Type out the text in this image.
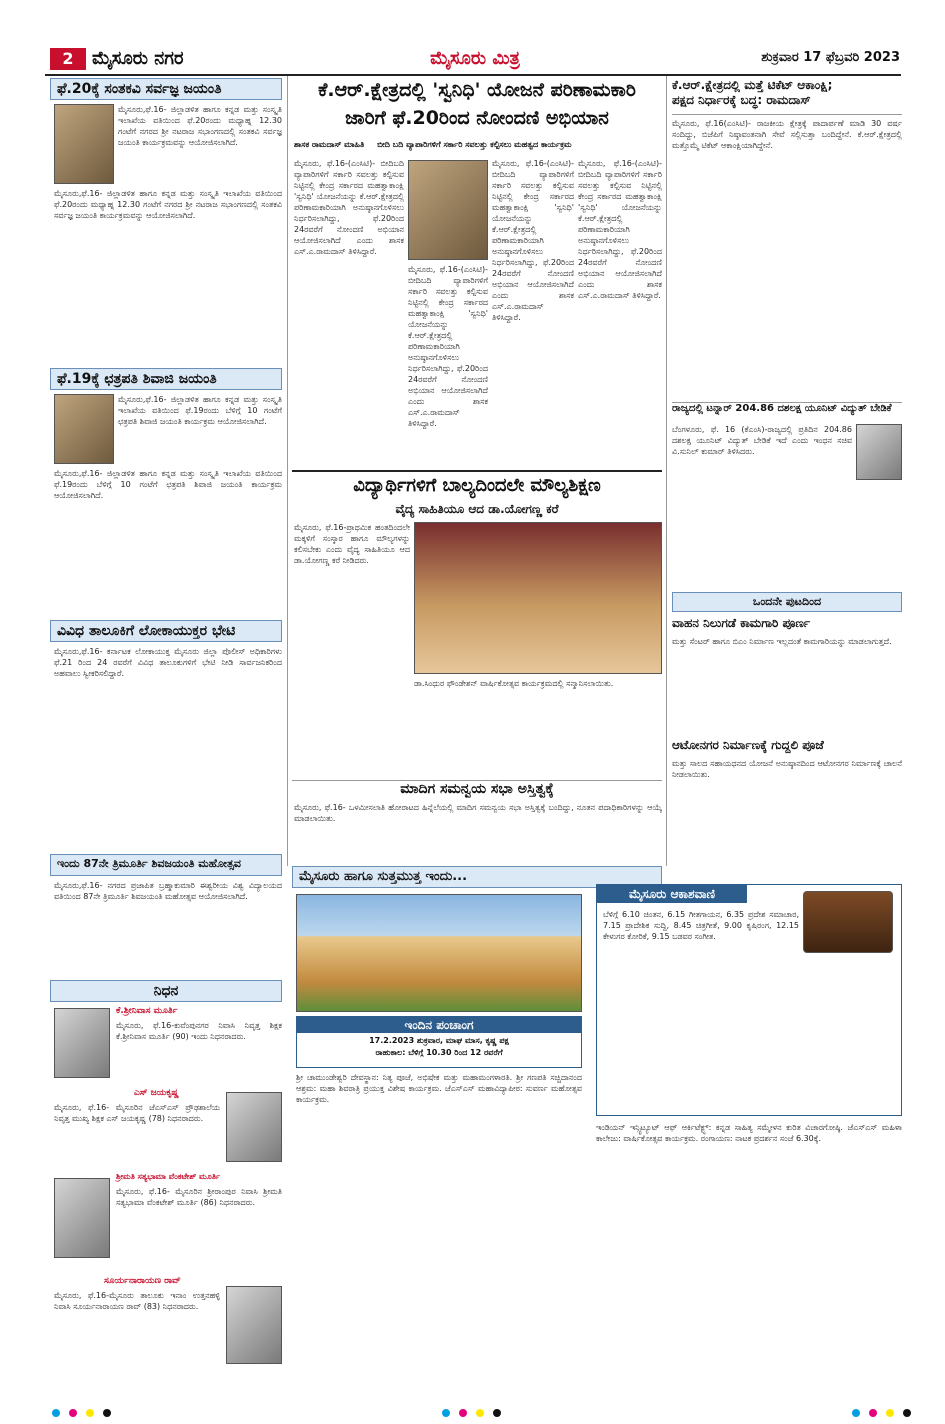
2	ಮೈಸೂರು ನಗರ	ಮೈಸೂರು ಮಿತ್ರ	ಶುಕ್ರವಾರ 17 ಫೆಬ್ರವರಿ 2023
ಫೆ.20ಕ್ಕೆ ಸಂತಕವಿ ಸರ್ವಜ್ಞ ಜಯಂತಿ
ಮೈಸೂರು,ಫೆ.16- ಜಿಲ್ಲಾಡಳಿತ ಹಾಗೂ ಕನ್ನಡ ಮತ್ತು ಸಂಸ್ಕೃತಿ ಇಲಾಖೆಯ ವತಿಯಿಂದ ಫೆ.20ರಂದು ಮಧ್ಯಾಹ್ನ 12.30 ಗಂಟೆಗೆ ನಗರದ ಶ್ರೀ ನಟರಾಜ ಸಭಾಂಗಣದಲ್ಲಿ ಸಂತಕವಿ ಸರ್ವಜ್ಞ ಜಯಂತಿ ಕಾರ್ಯಕ್ರಮವನ್ನು ಆಯೋಜಿಸಲಾಗಿದೆ.
ಮೈಸೂರು,ಫೆ.16- ಜಿಲ್ಲಾಡಳಿತ ಹಾಗೂ ಕನ್ನಡ ಮತ್ತು ಸಂಸ್ಕೃತಿ ಇಲಾಖೆಯ ವತಿಯಿಂದ ಫೆ.20ರಂದು ಮಧ್ಯಾಹ್ನ 12.30 ಗಂಟೆಗೆ ನಗರದ ಶ್ರೀ ನಟರಾಜ ಸಭಾಂಗಣದಲ್ಲಿ ಸಂತಕವಿ ಸರ್ವಜ್ಞ ಜಯಂತಿ ಕಾರ್ಯಕ್ರಮವನ್ನು ಆಯೋಜಿಸಲಾಗಿದೆ.
ಫೆ.19ಕ್ಕೆ ಛತ್ರಪತಿ ಶಿವಾಜಿ ಜಯಂತಿ
ಮೈಸೂರು,ಫೆ.16- ಜಿಲ್ಲಾಡಳಿತ ಹಾಗೂ ಕನ್ನಡ ಮತ್ತು ಸಂಸ್ಕೃತಿ ಇಲಾಖೆಯ ವತಿಯಿಂದ ಫೆ.19ರಂದು ಬೆಳಿಗ್ಗೆ 10 ಗಂಟೆಗೆ ಛತ್ರಪತಿ ಶಿವಾಜಿ ಜಯಂತಿ ಕಾರ್ಯಕ್ರಮ ಆಯೋಜಿಸಲಾಗಿದೆ.
ಮೈಸೂರು,ಫೆ.16- ಜಿಲ್ಲಾಡಳಿತ ಹಾಗೂ ಕನ್ನಡ ಮತ್ತು ಸಂಸ್ಕೃತಿ ಇಲಾಖೆಯ ವತಿಯಿಂದ ಫೆ.19ರಂದು ಬೆಳಿಗ್ಗೆ 10 ಗಂಟೆಗೆ ಛತ್ರಪತಿ ಶಿವಾಜಿ ಜಯಂತಿ ಕಾರ್ಯಕ್ರಮ ಆಯೋಜಿಸಲಾಗಿದೆ.
ವಿವಿಧ ತಾಲೂಕಿಗೆ ಲೋಕಾಯುಕ್ತರ ಭೇಟಿ
ಮೈಸೂರು,ಫೆ.16- ಕರ್ನಾಟಕ ಲೋಕಾಯುಕ್ತ ಮೈಸೂರು ಜಿಲ್ಲಾ ಪೊಲೀಸ್ ಅಧಿಕಾರಿಗಳು ಫೆ.21 ರಿಂದ 24 ರವರೆಗೆ ವಿವಿಧ ತಾಲೂಕುಗಳಿಗೆ ಭೇಟಿ ನೀಡಿ ಸಾರ್ವಜನಿಕರಿಂದ ಅಹವಾಲು ಸ್ವೀಕರಿಸಲಿದ್ದಾರೆ.
ಇಂದು 87ನೇ ತ್ರಿಮೂರ್ತಿ ಶಿವಜಯಂತಿ ಮಹೋತ್ಸವ
ಮೈಸೂರು,ಫೆ.16- ನಗರದ ಪ್ರಜಾಪಿತ ಬ್ರಹ್ಮಾಕುಮಾರಿ ಈಶ್ವರೀಯ ವಿಶ್ವ ವಿದ್ಯಾಲಯದ ವತಿಯಿಂದ 87ನೇ ತ್ರಿಮೂರ್ತಿ ಶಿವಜಯಂತಿ ಮಹೋತ್ಸವ ಆಯೋಜಿಸಲಾಗಿದೆ.
ನಿಧನ
ಕೆ.ಶ್ರೀನಿವಾಸ ಮೂರ್ತಿ
ಮೈಸೂರು, ಫೆ.16-ಕುವೆಂಪುನಗರ ನಿವಾಸಿ ನಿವೃತ್ತ ಶಿಕ್ಷಕ ಕೆ.ಶ್ರೀನಿವಾಸ ಮೂರ್ತಿ (90) ಇಂದು ನಿಧನರಾದರು.
ಮೈಸೂರು, ಫೆ.16- ಮೈಸೂರಿನ ಜೆಎಸ್‌ಎಸ್ ಪ್ರೌಢಶಾಲೆಯ ನಿವೃತ್ತ ಮುಖ್ಯ ಶಿಕ್ಷಕ ಎಸ್ ಜಯಕೃಷ್ಣ (78) ನಿಧನರಾದರು.
ಎಸ್ ಜಯಕೃಷ್ಣ
ಶ್ರೀಮತಿ ಸತ್ಯಭಾಮಾ ವೆಂಕಟೇಶ್ ಮೂರ್ತಿ
ಮೈಸೂರು, ಫೆ.16- ಮೈಸೂರಿನ ಶ್ರೀರಾಂಪುರ ನಿವಾಸಿ ಶ್ರೀಮತಿ ಸತ್ಯಭಾಮಾ ವೆಂಕಟೇಶ್ ಮೂರ್ತಿ (86) ನಿಧನರಾದರು.
ಸೂರ್ಯನಾರಾಯಣ ರಾವ್
ಮೈಸೂರು, ಫೆ.16-ಮೈಸೂರು ತಾಲೂಕು ಇನಾಂ ಉತ್ತನಹಳ್ಳಿ ನಿವಾಸಿ ಸೂರ್ಯನಾರಾಯಣ ರಾವ್ (83) ನಿಧನರಾದರು.
ಕೆ.ಆರ್.ಕ್ಷೇತ್ರದಲ್ಲಿ 'ಸ್ವನಿಧಿ' ಯೋಜನೆ ಪರಿಣಾಮಕಾರಿ
ಜಾರಿಗೆ ಫೆ.20ರಿಂದ ನೋಂದಣಿ ಅಭಿಯಾನ
ಶಾಸಕ ರಾಮದಾಸ್ ಮಾಹಿತಿ ಬೀದಿ ಬದಿ ವ್ಯಾಪಾರಿಗಳಿಗೆ ಸರ್ಕಾರಿ ಸವಲತ್ತು ಕಲ್ಪಿಸಲು ಮಹತ್ವದ ಕಾರ್ಯಕ್ರಮ
ಮೈಸೂರು, ಫೆ.16-(ಎಂಸಿಟಿ)- ಬೀದಿಬದಿ ವ್ಯಾಪಾರಿಗಳಿಗೆ ಸರ್ಕಾರಿ ಸವಲತ್ತು ಕಲ್ಪಿಸುವ ನಿಟ್ಟಿನಲ್ಲಿ ಕೇಂದ್ರ ಸರ್ಕಾರದ ಮಹತ್ವಾಕಾಂಕ್ಷಿ 'ಸ್ವನಿಧಿ' ಯೋಜನೆಯನ್ನು ಕೆ.ಆರ್.ಕ್ಷೇತ್ರದಲ್ಲಿ ಪರಿಣಾಮಕಾರಿಯಾಗಿ ಅನುಷ್ಠಾನಗೊಳಿಸಲು ನಿರ್ಧರಿಸಲಾಗಿದ್ದು, ಫೆ.20ರಿಂದ 24ರವರೆಗೆ ನೋಂದಣಿ ಅಭಿಯಾನ ಆಯೋಜಿಸಲಾಗಿದೆ ಎಂದು ಶಾಸಕ ಎಸ್.ಎ.ರಾಮದಾಸ್ ತಿಳಿಸಿದ್ದಾರೆ.
ಮೈಸೂರು, ಫೆ.16-(ಎಂಸಿಟಿ)- ಬೀದಿಬದಿ ವ್ಯಾಪಾರಿಗಳಿಗೆ ಸರ್ಕಾರಿ ಸವಲತ್ತು ಕಲ್ಪಿಸುವ ನಿಟ್ಟಿನಲ್ಲಿ ಕೇಂದ್ರ ಸರ್ಕಾರದ ಮಹತ್ವಾಕಾಂಕ್ಷಿ 'ಸ್ವನಿಧಿ' ಯೋಜನೆಯನ್ನು ಕೆ.ಆರ್.ಕ್ಷೇತ್ರದಲ್ಲಿ ಪರಿಣಾಮಕಾರಿಯಾಗಿ ಅನುಷ್ಠಾನಗೊಳಿಸಲು ನಿರ್ಧರಿಸಲಾಗಿದ್ದು, ಫೆ.20ರಿಂದ 24ರವರೆಗೆ ನೋಂದಣಿ ಅಭಿಯಾನ ಆಯೋಜಿಸಲಾಗಿದೆ ಎಂದು ಶಾಸಕ ಎಸ್.ಎ.ರಾಮದಾಸ್ ತಿಳಿಸಿದ್ದಾರೆ.
ಮೈಸೂರು, ಫೆ.16-(ಎಂಸಿಟಿ)- ಬೀದಿಬದಿ ವ್ಯಾಪಾರಿಗಳಿಗೆ ಸರ್ಕಾರಿ ಸವಲತ್ತು ಕಲ್ಪಿಸುವ ನಿಟ್ಟಿನಲ್ಲಿ ಕೇಂದ್ರ ಸರ್ಕಾರದ ಮಹತ್ವಾಕಾಂಕ್ಷಿ 'ಸ್ವನಿಧಿ' ಯೋಜನೆಯನ್ನು ಕೆ.ಆರ್.ಕ್ಷೇತ್ರದಲ್ಲಿ ಪರಿಣಾಮಕಾರಿಯಾಗಿ ಅನುಷ್ಠಾನಗೊಳಿಸಲು ನಿರ್ಧರಿಸಲಾಗಿದ್ದು, ಫೆ.20ರಿಂದ 24ರವರೆಗೆ ನೋಂದಣಿ ಅಭಿಯಾನ ಆಯೋಜಿಸಲಾಗಿದೆ ಎಂದು ಶಾಸಕ ಎಸ್.ಎ.ರಾಮದಾಸ್ ತಿಳಿಸಿದ್ದಾರೆ.
ಮೈಸೂರು, ಫೆ.16-(ಎಂಸಿಟಿ)- ಬೀದಿಬದಿ ವ್ಯಾಪಾರಿಗಳಿಗೆ ಸರ್ಕಾರಿ ಸವಲತ್ತು ಕಲ್ಪಿಸುವ ನಿಟ್ಟಿನಲ್ಲಿ ಕೇಂದ್ರ ಸರ್ಕಾರದ ಮಹತ್ವಾಕಾಂಕ್ಷಿ 'ಸ್ವನಿಧಿ' ಯೋಜನೆಯನ್ನು ಕೆ.ಆರ್.ಕ್ಷೇತ್ರದಲ್ಲಿ ಪರಿಣಾಮಕಾರಿಯಾಗಿ ಅನುಷ್ಠಾನಗೊಳಿಸಲು ನಿರ್ಧರಿಸಲಾಗಿದ್ದು, ಫೆ.20ರಿಂದ 24ರವರೆಗೆ ನೋಂದಣಿ ಅಭಿಯಾನ ಆಯೋಜಿಸಲಾಗಿದೆ ಎಂದು ಶಾಸಕ ಎಸ್.ಎ.ರಾಮದಾಸ್ ತಿಳಿಸಿದ್ದಾರೆ.
ವಿದ್ಯಾರ್ಥಿಗಳಿಗೆ ಬಾಲ್ಯದಿಂದಲೇ ಮೌಲ್ಯಶಿಕ್ಷಣ
ವೈದ್ಯ ಸಾಹಿತಿಯೂ ಆದ ಡಾ.ಯೋಗಣ್ಣ ಕರೆ
ಮೈಸೂರು, ಫೆ.16-ಪ್ರಾಥಮಿಕ ಹಂತದಿಂದಲೇ ಮಕ್ಕಳಿಗೆ ಸಂಸ್ಕಾರ ಹಾಗೂ ಮೌಲ್ಯಗಳನ್ನು ಕಲಿಸಬೇಕು ಎಂದು ವೈದ್ಯ ಸಾಹಿತಿಯೂ ಆದ ಡಾ.ಯೋಗಣ್ಣ ಕರೆ ನೀಡಿದರು.
ಡಾ.ಸಿಂಧುರ ಫೌಂಡೇಶನ್ ವಾರ್ಷಿಕೋತ್ಸವ ಕಾರ್ಯಕ್ರಮದಲ್ಲಿ ಸನ್ಮಾನಿಸಲಾಯಿತು.
ಮಾದಿಗ ಸಮನ್ವಯ ಸಭಾ ಅಸ್ತಿತ್ವಕ್ಕೆ
ಮೈಸೂರು, ಫೆ.16- ಒಳಮೀಸಲಾತಿ ಹೋರಾಟದ ಹಿನ್ನೆಲೆಯಲ್ಲಿ ಮಾದಿಗ ಸಮನ್ವಯ ಸಭಾ ಅಸ್ತಿತ್ವಕ್ಕೆ ಬಂದಿದ್ದು, ನೂತನ ಪದಾಧಿಕಾರಿಗಳನ್ನು ಆಯ್ಕೆ ಮಾಡಲಾಯಿತು.
ಕೆ.ಆರ್.ಕ್ಷೇತ್ರದಲ್ಲಿ ಮತ್ತೆ ಟಿಕೆಟ್ ಆಕಾಂಕ್ಷಿ;
ಪಕ್ಷದ ನಿರ್ಧಾರಕ್ಕೆ ಬದ್ಧ: ರಾಮದಾಸ್
ಮೈಸೂರು, ಫೆ.16(ಎಂಸಿಟಿ)- ರಾಜಕೀಯ ಕ್ಷೇತ್ರಕ್ಕೆ ಪಾದಾರ್ಪಣೆ ಮಾಡಿ 30 ವರ್ಷ ಸಂದಿದ್ದು, ಬಿಜೆಪಿಗೆ ನಿಷ್ಠಾವಂತನಾಗಿ ಸೇವೆ ಸಲ್ಲಿಸುತ್ತಾ ಬಂದಿದ್ದೇನೆ. ಕೆ.ಆರ್.ಕ್ಷೇತ್ರದಲ್ಲಿ ಮತ್ತೊಮ್ಮೆ ಟಿಕೆಟ್ ಆಕಾಂಕ್ಷಿಯಾಗಿದ್ದೇನೆ.
ರಾಜ್ಯದಲ್ಲಿ ಟನ್ನಾರ್ 204.86 ದಶಲಕ್ಷ ಯೂನಿಟ್ ವಿದ್ಯುತ್ ಬೇಡಿಕೆ
ಬೆಂಗಳೂರು, ಫೆ. 16 (ಕೆಎಂಸಿ)-ರಾಜ್ಯದಲ್ಲಿ ಪ್ರತಿದಿನ 204.86 ದಶಲಕ್ಷ ಯೂನಿಟ್ ವಿದ್ಯುತ್ ಬೇಡಿಕೆ ಇದೆ ಎಂದು ಇಂಧನ ಸಚಿವ ವಿ.ಸುನಿಲ್ ಕುಮಾರ್ ತಿಳಿಸಿದರು.
ಒಂದನೇ ಪುಟದಿಂದ
ವಾಹನ ನಿಲುಗಡೆ ಕಾಮಗಾರಿ ಪೂರ್ಣ
ಮತ್ತು ಸೆಂಟರ್ ಹಾಗೂ ಬಿಎಂ ನಿರ್ಮಾಣ ಇಲ್ಲದಂತೆ ಕಾಮಗಾರಿಯನ್ನು ಮಾಡಲಾಗುತ್ತದೆ.
ಆಟೋನಗರ ನಿರ್ಮಾಣಕ್ಕೆ ಗುದ್ದಲಿ ಪೂಜೆ
ಮತ್ತು ಸಾಲದ ಸಹಾಯಧನದ ಯೋಜನೆ ಅನುಷ್ಠಾನದಿಂದ ಆಟೋನಗರ ನಿರ್ಮಾಣಕ್ಕೆ ಚಾಲನೆ ನೀಡಲಾಯಿತು.
ಮೈಸೂರು ಹಾಗೂ ಸುತ್ತಮುತ್ತ ಇಂದು...
ಇಂದಿನ ಪಂಚಾಂಗ
17.2.2023 ಶುಕ್ರವಾರ, ಮಾಘ ಮಾಸ, ಕೃಷ್ಣ ಪಕ್ಷ
ರಾಹುಕಾಲ: ಬೆಳಿಗ್ಗೆ 10.30 ರಿಂದ 12 ರವರೆಗೆ
ಶ್ರೀ ಚಾಮುಂಡೇಶ್ವರಿ ದೇವಸ್ಥಾನ: ನಿತ್ಯ ಪೂಜೆ, ಅಭಿಷೇಕ ಮತ್ತು ಮಹಾಮಂಗಳಾರತಿ. ಶ್ರೀ ಗಣಪತಿ ಸಚ್ಚಿದಾನಂದ ಆಶ್ರಮ: ಮಹಾ ಶಿವರಾತ್ರಿ ಪ್ರಯುಕ್ತ ವಿಶೇಷ ಕಾರ್ಯಕ್ರಮ. ಜೆಎಸ್ಎಸ್ ಮಹಾವಿದ್ಯಾಪೀಠ: ಸುವರ್ಣ ಮಹೋತ್ಸವ ಕಾರ್ಯಕ್ರಮ.
ಮೈಸೂರು ಆಕಾಶವಾಣಿ
ಬೆಳಿಗ್ಗೆ 6.10 ಚಿಂತನ, 6.15 ಗೀತಗಾಯನ, 6.35 ಪ್ರದೇಶ ಸಮಾಚಾರ, 7.15 ಪ್ರಾದೇಶಿಕ ಸುದ್ದಿ, 8.45 ಚಿತ್ರಗೀತೆ, 9.00 ಕೃಷಿರಂಗ, 12.15 ಕೇಳುಗರ ಕೋರಿಕೆ, 9.15 ಬಡವರ ಸಂಗೀತ.
ಇಂಡಿಯನ್ ಇನ್ಸ್ಟಿಟ್ಯೂಟ್ ಆಫ್ ಆರ್ಕಿಟೆಕ್ಟ್ಸ್: ಕನ್ನಡ ಸಾಹಿತ್ಯ ಸಮ್ಮೇಳನ ಕುರಿತ ವಿಚಾರಗೋಷ್ಠಿ. ಜೆಎಸ್ಎಸ್ ಮಹಿಳಾ ಕಾಲೇಜು: ವಾರ್ಷಿಕೋತ್ಸವ ಕಾರ್ಯಕ್ರಮ. ರಂಗಾಯಣ: ನಾಟಕ ಪ್ರದರ್ಶನ ಸಂಜೆ 6.30ಕ್ಕೆ.
